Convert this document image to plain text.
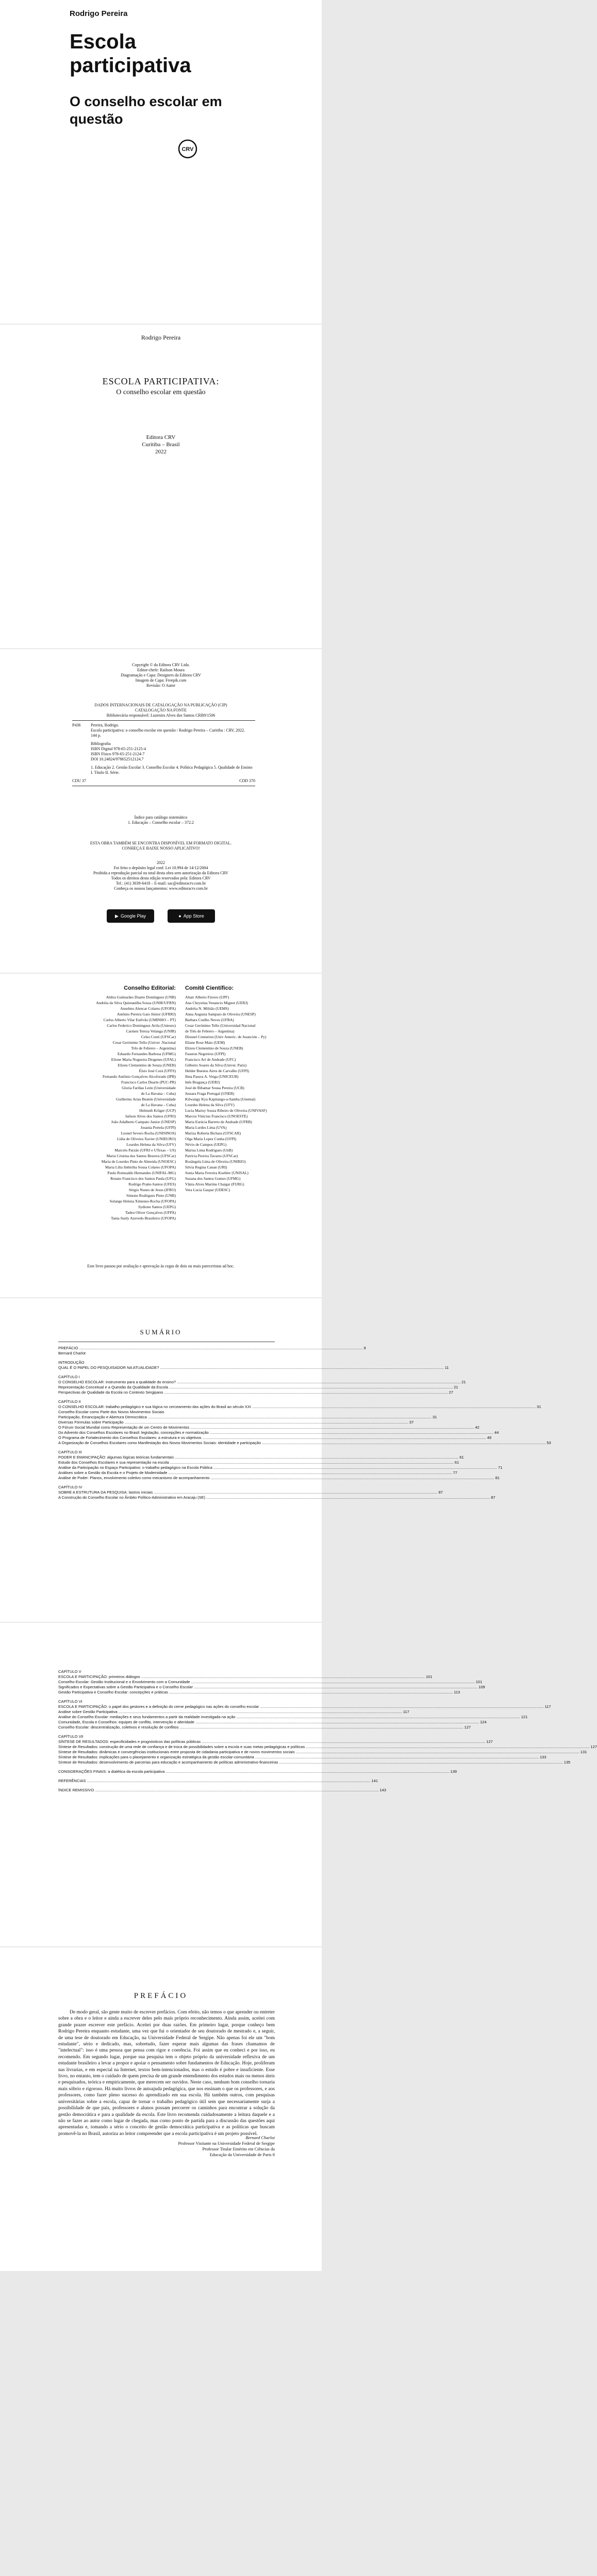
Rodrigo Pereira
Escola
participativa
O conselho escolar em questão
CRV
Rodrigo Pereira
ESCOLA PARTICIPATIVA:
O conselho escolar em questão
Editora CRV
Curitiba – Brasil
2022
Copyright © da Editora CRV Ltda.
Editor-chefe: Railson Moura
Diagramação e Capa: Designers da Editora CRV
Imagem de Capa: Freepik.com
Revisão: O Autor
DADOS INTERNACIONAIS DE CATALOGAÇÃO NA PUBLICAÇÃO (CIP)
CATALOGAÇÃO NA FONTE
Bibliotecária responsável: Luzenira Alves dos Santos CRB9/1506
P436	Pereira, Rodrigo.
Escola participativa: o conselho escolar em questão / Rodrigo Pereira – Curitiba : CRV, 2022.
144 p.
Bibliografia
ISBN Digital 978-65-251-2125-4
ISBN Físico 978-65-251-2124-7
DOI 10.24824/978652512124.7
1. Educação 2. Gestão Escolar 3. Conselho Escolar 4. Política Pedagógica 5. Qualidade de Ensino I. Título II. Série.
CDU 37	CDD 370
Índice para catálogo sistemático
1. Educação – Conselho escolar – 372.2
ESTA OBRA TAMBÉM SE ENCONTRA DISPONÍVEL EM FORMATO DIGITAL.
CONHEÇA E BAIXE NOSSO APLICATIVO!
2022
Foi feito o depósito legal conf. Lei 10.994 de 14/12/2004
Proibida a reprodução parcial ou total desta obra sem autorização da Editora CRV
Todos os direitos desta edição reservados pela: Editora CRV
Tel.: (41) 3039-6418 – E-mail: sac@editoracrv.com.br
Conheça os nossos lançamentos: www.editoracrv.com.br
▶ Google Play	● App Store
Conselho Editorial: Comitê Científico:
Aldira Guimarães Duarte Domínguez (UNB)
Andréia da Silva Quintanilha Sousa (UNIR/UFRN)
Anselmo Alencar Colares (UFOPA)
Antônio Pereira Gaio Júnior (UFRRJ)
Carlos Alberto Vilar Estêvão (UMINHO – PT)
Carlos Federico Domínguez Avila (Unieuro)
Carmen Tereza Velanga (UNIR)
Celso Conti (UFSCar)
Cesar Gerónimo Tello (Univer .Nacional
Três de Febrero – Argentina)
Eduardo Fernandes Barbosa (UFMG)
Elione Maria Nogueira Diogenes (UFAL)
Elizeu Clementino de Souza (UNEB)
Élsio José Corá (UFFS)
Fernando Antônio Gonçalves Alcoforado (IPB)
Francisco Carlos Duarte (PUC-PR)
Gloria Fariñas León (Universidade
de La Havana – Cuba)
Guillermo Arias Beatón (Universidade
de La Havana – Cuba)
Helmuth Krüger (UCP)
Jailson Alves dos Santos (UFRJ)
João Adalberto Campato Junior (UNESP)
Josania Portela (UFPI)
Leonel Severo Rocha (UNISINOS)
Lídia de Oliveira Xavier (UNIEURO)
Lourdes Helena da Silva (UFV)
Marcelo Paixão (UFRJ e UTexas – US)
Maria Cristina dos Santos Bezerra (UFSCar)
Maria de Lourdes Pinto de Almeida (UNOESC)
Maria Lília Imbiriba Sousa Colares (UFOPA)
Paulo Romualdo Hernandes (UNIFAL-MG)
Renato Francisco dos Santos Paula (UFG)
Rodrigo Pratte-Santos (UFES)
Sérgio Nunes de Jesus (IFRO)
Simone Rodrigues Pinto (UNB)
Solange Helena Ximenes-Rocha (UFOPA)
Sydione Santos (UEPG)
Tadeu Oliver Gonçalves (UFPA)
Tania Suely Azevedo Brasileiro (UFOPA)
Altair Alberto Fávero (UPF)
Ana Chrystina Venancio Mignot (UERJ)
Andréia N. Militão (UEMS)
Anna Augusta Sampaio de Oliveira (UNESP)
Barbara Coelho Neves (UFBA)
Cesar Gerónimo Tello (Universidad Nacional
de Três de Febrero – Argentina)
Diosnel Centurion (Univ Americ. de Asunción – Py)
Eliane Rose Maio (UEM)
Elizeu Clementino de Souza (UNEB)
Fauston Negreiros (UFPI)
Francisco Ari de Andrade (UFC)
Gilberto Soares da Silva (Univer. Paris)
Helder Buenos Aires de Carvalho (UFPI)
Ilma Passos A. Veiga (UNICEUB)
Inês Bragança (UERJ)
José de Ribamar Sousa Pereira (UCB)
Jussara Fraga Portugal (UNEB)
Kilwangy Kya Kapitango-a-Samba (Unemat)
Lourdes Helena da Silva (UFV)
Lucia Marisy Souza Ribeiro de Oliveira (UNIVASF)
Marcos Vinicius Francisco (UNOESTE)
Maria Eurácia Barreto de Andrade (UFRB)
Maria Lurdes Lima (UVA)
Mariza Roberta Bichara (UFSCAR)
Olga Maria Lopes Cunha (UFPI)
Névio de Campos (UEPG)
Marisa Lima Rodrigues (UnB)
Patrícia Pereira Tavares (UFSCar)
Rosângela Lima de Oliveira (UNIRIO)
Silvia Regina Canan (URI)
Sonia Maria Ferreira Koehler (UNISAL)
Suzana dos Santos Gomes (UFMG)
Vânia Alves Martins Chaigar (FURG)
Vera Lucia Gaspar (UDESC)
Este livro passou por avaliação e aprovação às cegas de dois ou mais pareceristas ad hoc.
SUMÁRIO
PREFÁCIO .....	9
Bernard Charlot
INTRODUÇÃO
QUAL É O PAPEL DO PESQUISADOR NA ATUALIDADE? .....	11
CAPÍTULO I
O CONSELHO ESCOLAR: instrumento para a qualidade do ensino? .....	21
Representação Conceitual e a Questão da Qualidade da Escola .....	21
Perspectivas de Qualidade da Escola no Contexto Sergipano .....	27
CAPÍTULO II
O CONSELHO ESCOLAR: trabalho pedagógico e sua lógica no cerceamento das ações do Brasil ao século XXI .....	31
Conselho Escolar como Parte dos Novos Movimentos Sociais
Participação, Emancipação e Abertura Democrática .....	31
Diversas Fórmulas sobre Participação .....	37
O Fórum Social Mundial como Representação de um Centro de Movimentos .....	42
Do Advento dos Conselhos Escolares no Brasil: legislação, concepções e normatização .....	44
O Programa de Fortalecimento dos Conselhos Escolares: a estrutura e os objetivos .....	49
A Organização de Conselhos Escolares como Manifestação dos Novos Movimentos Sociais: identidade e participação .....	53
CAPÍTULO III
PODER E EMANCIPAÇÃO: algumas lógicas teóricas fundamentais .....	61
Estudo dos Conselhos Escolares e sua representação na escola .....	61
Análise da Participação no Espaço Participativo: o trabalho pedagógico na Escola Pública .....	71
Análises sobre a Gestão da Escola e o Projeto de Modernidade .....	77
Análise de Poder: Planos, envolvimento coletivo como mecanismo de acompanhamento .....	81
CAPÍTULO IV
SOBRE A ESTRUTURA DA PESQUISA: lastros iniciais .....	87
A Construção do Conselho Escolar no Âmbito Político-Administrativo em Aracaju (SE) .....	87
CAPÍTULO V
ESCOLA E PARTICIPAÇÃO: primeiros diálogos .....	101
Conselho Escolar: Gestão Institucional e o Envolvimento com a Comunidade .....	101
Significados e Expectativas sobre a Gestão Participativa e o Conselho Escolar .....	109
Gestão Participativa e Conselho Escolar: concepções e práticas .....	113
CAPÍTULO VI
ESCOLA E PARTICIPAÇÃO: o papel dos gestores e a definição do cerne pedagógico nas ações do conselho escolar .....	117
Análise sobre Gestão Participativa .....	117
Análise do Conselho Escolar: mediações e seus fundamentos a partir da realidade investigada na ação .....	121
Comunidade, Escola e Conselhos: equipes de conflito, intervenção e alteridade .....	124
Conselho Escolar: descentralização, coletivos e resolução de conflitos .....	127
CAPÍTULO VII
SÍNTESE DE RESULTADOS: especificidades e prognósticos das políticas públicas .....	127
Síntese de Resultados: construção de uma rede de confiança e de troca de possibilidades sobre a escola e suas metas pedagógicas e políticas .....	127
Síntese de Resultados: dinâmicas e convergências institucionais entre proposta de cidadania participativa e de novos movimentos sociais .....	131
Síntese de Resultados: implicações para o planejamento e organização estratégica da gestão escolar-comunitária .....	133
Síntese de Resultados: desenvolvimento de parcerias para educação e acompanhamento de políticas administrativo-financeiras .....	135
CONSIDERAÇÕES FINAIS: a dialética da escola participativa .....	139
REFERÊNCIAS .....	141
ÍNDICE REMISSIVO .....	143
PREFÁCIO
De modo geral, são gente muito de escrever prefácios. Com efeito, não temos o que aprender ou entreter sobre a obra e o leitor e ainda a escrever deles pelo mais próprio reconhecimento. Ainda assim, aceitei com grande prazer escrever este prefácio. Aceitei por duas razões. Em primeiro lugar, porque conheço bem Rodrigo Pereira enquanto estudante, uma vez que fui o orientador de seu doutorado de mestrado e, a seguir, de uma tese de doutorado em Educação, na Universidade Federal de Sergipe. Não apenas foi ele um "bom estudante", sério e dedicado, mas, sobretudo, fazer esperar mais algumas das frases chamamos de "intelectual": isso é uma pessoa que pensa com rigor e coerência. Foi assim que eu conheci e por isso, eu recomendo. Em segundo lugar, porque sua pesquisa tem o objeto próprio da universidade reflexiva de um estudante brasileiro a levar a propor e apoiar o pensamento sobre fundamentos de Educação. Hoje, proliferam nas livrarias, e em especial na Internet, textos bem-intencionados, mas o estudo é pobre e insuficiente. Esse livro, no entanto, tem o cuidado de quem precisa de um grande entendimento dos estudos mais ou menos úteis e pesquisados, teórica e empiricamente, que merecem ser ouvidos. Neste caso, nenhum bom conselho tornaria mais sóbrio e rigoroso. Há muito livros de autoajuda pedagógica, que nos ensinam o que os professores, e aos professores, como fazer pleno sucesso do aprendizado em sua escola. Há também outros, com pesquisas universitárias sobre a escola, capaz de tornar o trabalho pedagógico útil sem que necessariamente surja a possibilidade de que pais, professores e alunos possam percorrer os caminhos para encontrar a solução da gestão democrática e para a qualidade da escola. Este livro recomenda cuidadosamente a leitura daquele e a não se fazer ao autor como lugar de chegada, mas como ponto de partida para a discussão das questões aqui apresentadas e, tomando a sério o conceito de gestão democrática participativa e as políticas que buscam promovê-la no Brasil, autoriza ao leitor compreender que a escola participativa é um projeto possível.
Bernard Charlot
Professor Visitante na Universidade Federal de Sergipe
Professor Titular Emérito em Ciências da
Educação da Universidade de Paris 8
